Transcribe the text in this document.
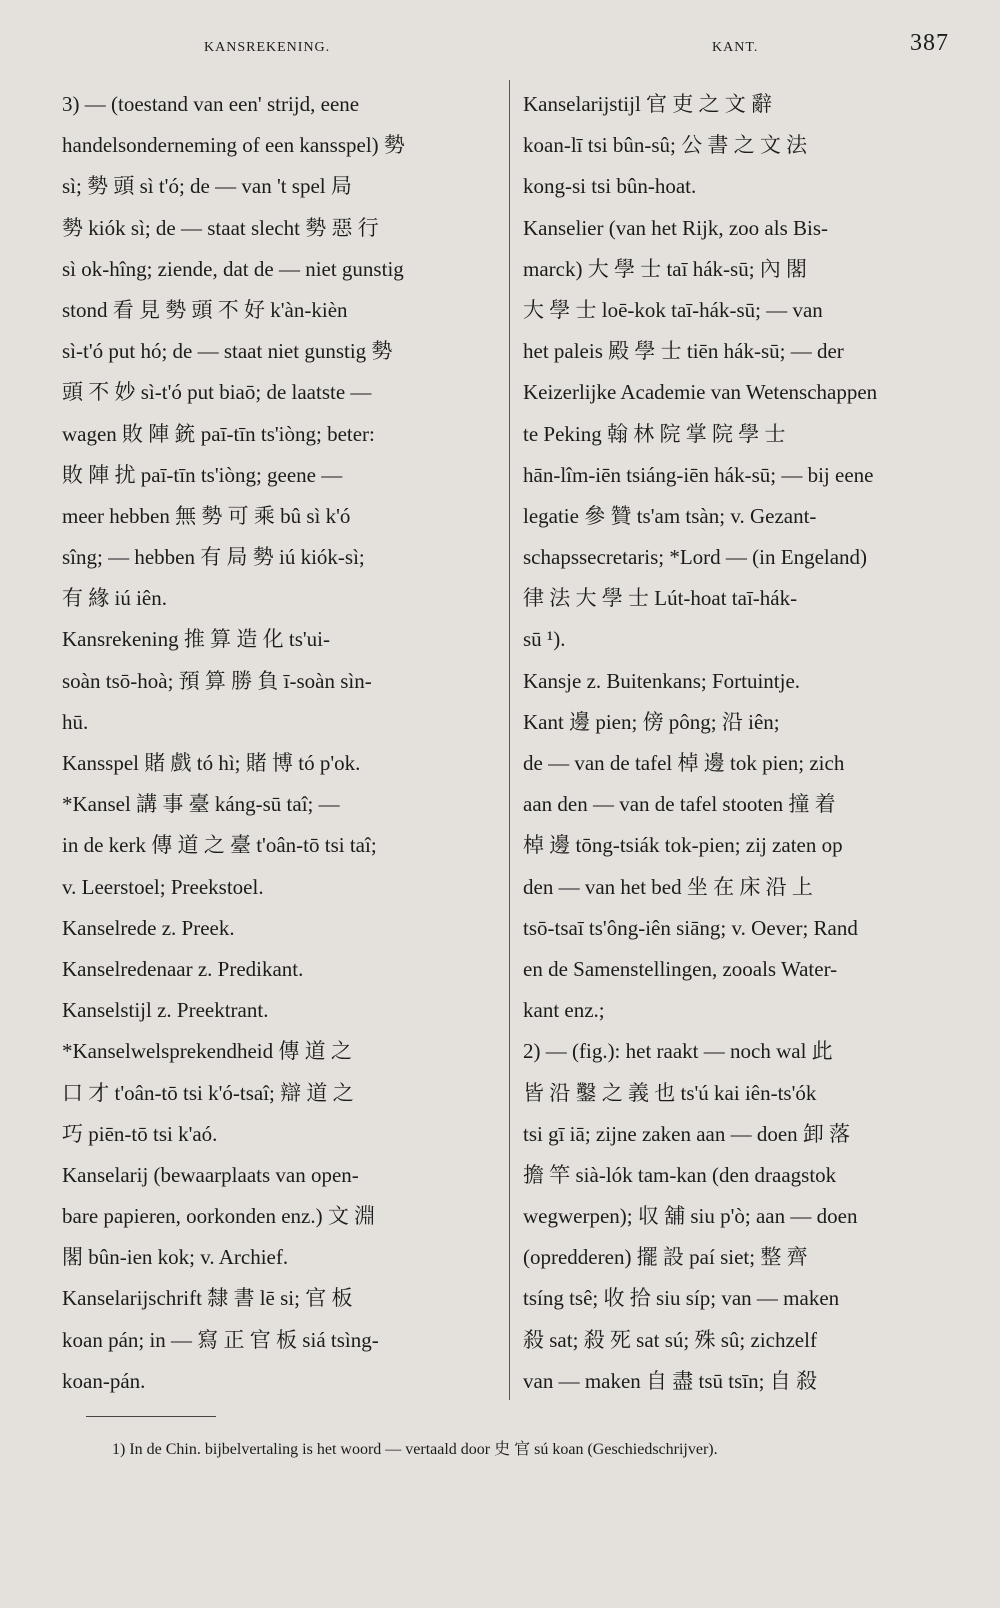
KANSREKENING.	KANT.	387
3) — (toestand van een' strijd, eene
handelsonderneming of een kansspel) 勢
sì; 勢 頭 sì t'ó; de — van 't spel 局
勢 kiók sì; de — staat slecht 勢 惡 行
sì ok-hîng; ziende, dat de — niet gunstig
stond 看 見 勢 頭 不 好 k'àn-kièn
sì-t'ó put hó; de — staat niet gunstig 勢
頭 不 妙 sì-t'ó put biaō; de laatste —
wagen 敗 陣 銃 paī-tīn ts'iòng; beter:
敗 陣 扰 paī-tīn ts'iòng; geene —
meer hebben 無 勢 可 乘 bû sì k'ó
sîng; — hebben 有 局 勢 iú kiók-sì;
有 緣 iú iên.
Kansrekening 推 算 造 化 ts'ui-
soàn tsō-hoà; 預 算 勝 負 ī-soàn sìn-
hū.
Kansspel 賭 戲 tó hì; 賭 博 tó p'ok.
*Kansel 講 事 臺 káng-sū taî; —
in de kerk 傳 道 之 臺 t'oân-tō tsi taî;
v. Leerstoel; Preekstoel.
Kanselrede z. Preek.
Kanselredenaar z. Predikant.
Kanselstijl z. Preektrant.
*Kanselwelsprekendheid 傳 道 之
口 才 t'oân-tō tsi k'ó-tsaî; 辯 道 之
巧 piēn-tō tsi k'aó.
Kanselarij (bewaarplaats van open-
bare papieren, oorkonden enz.) 文 淵
閣 bûn-ien kok; v. Archief.
Kanselarijschrift 隸 書 lē si; 官 板
koan pán; in — 寫 正 官 板 siá tsìng-
koan-pán.
Kanselarijstijl 官 吏 之 文 辭
koan-lī tsi bûn-sû; 公 書 之 文 法
kong-si tsi bûn-hoat.
Kanselier (van het Rijk, zoo als Bis-
marck) 大 學 士 taī hák-sū; 內 閣
大 學 士 loē-kok taī-hák-sū; — van
het paleis 殿 學 士 tiēn hák-sū; — der
Keizerlijke Academie van Wetenschappen
te Peking 翰 林 院 掌 院 學 士
hān-lîm-iēn tsiáng-iēn hák-sū; — bij eene
legatie 參 贊 ts'am tsàn; v. Gezant-
schapssecretaris; *Lord — (in Engeland)
律 法 大 學 士 Lút-hoat taī-hák-
sū ¹).
Kansje z. Buitenkans; Fortuintje.
Kant 邊 pien; 傍 pông; 沿 iên;
de — van de tafel 棹 邊 tok pien; zich
aan den — van de tafel stooten 撞 着
棹 邊 tōng-tsiák tok-pien; zij zaten op
den — van het bed 坐 在 床 沿 上
tsō-tsaī ts'ông-iên siāng; v. Oever; Rand
en de Samenstellingen, zooals Water-
kant enz.;
2) — (fig.): het raakt — noch wal 此
皆 沿 鑿 之 義 也 ts'ú kai iên-ts'ók
tsi gī iā; zijne zaken aan — doen 卸 落
擔 竿 sià-lók tam-kan (den draagstok
wegwerpen); 収 舖 siu p'ò; aan — doen
(opredderen) 擺 設 paí siet; 整 齊
tsíng tsê; 收 拾 siu síp; van — maken
殺 sat; 殺 死 sat sú; 殊 sû; zichzelf
van — maken 自 盡 tsū tsīn; 自 殺
1) In de Chin. bijbelvertaling is het woord — vertaald door 史 官 sú koan (Geschiedschrijver).
